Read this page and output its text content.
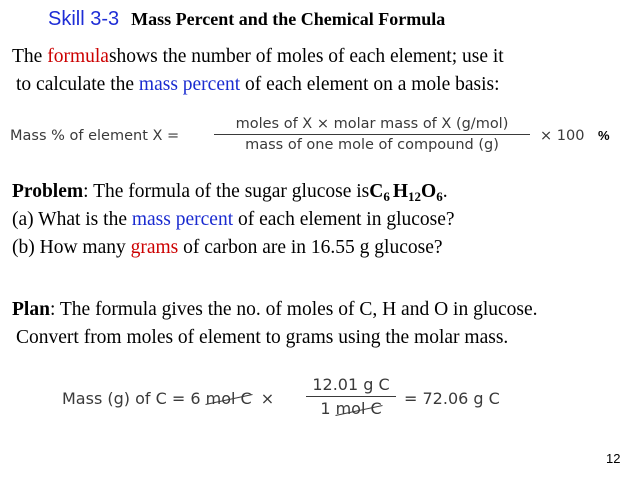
Skill 3-3 Mass Percent and the Chemical Formula
The formulashows the number of moles of each element; use it
to calculate the mass percent of each element on a mole basis:
Mass % of element X =
moles of X × molar mass of X (g/mol)
mass of one mole of compound (g)
× 100 %
Problem: The formula of the sugar glucose isC$_6$ $H_{12}O_6$.
(a) What is the mass percent of each element in glucose?
(b) How many grams of carbon are in 16.55 g glucose?
Plan: The formula gives the no. of moles of C, H and O in glucose.
Convert from moles of element to grams using the molar mass.
Mass (g) of C = 6 mol C ×
12.01 g C
1 mol C
= 72.06 g C
12
